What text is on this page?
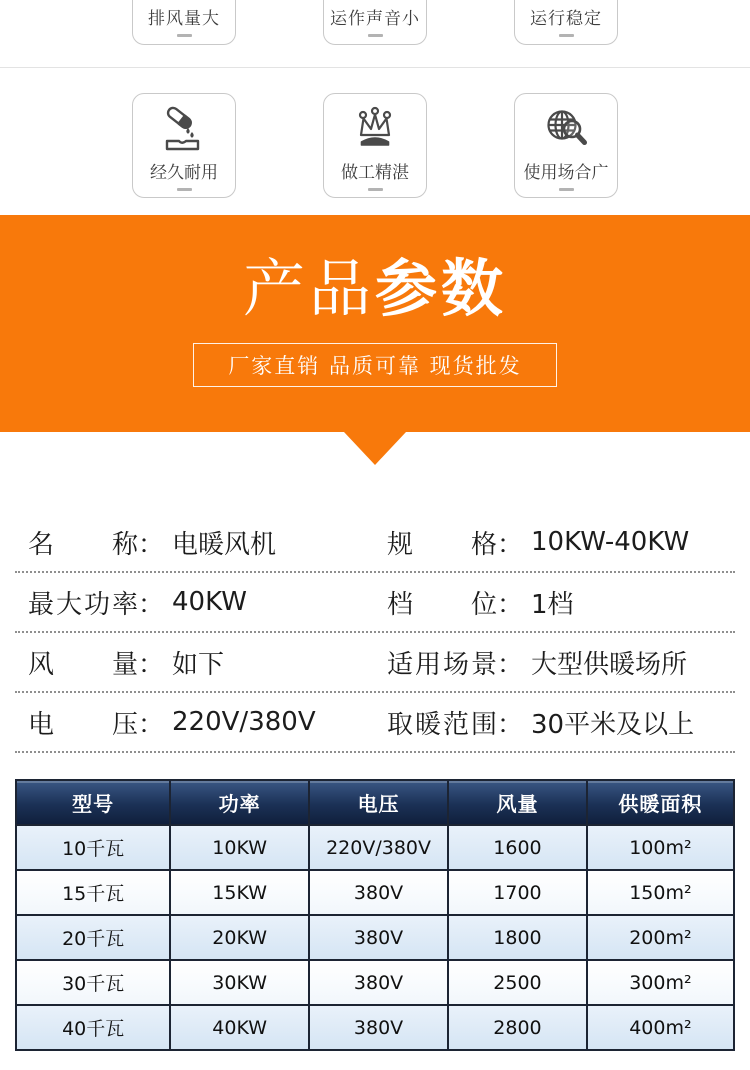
排风量大	运作声音小	运行稳定
经久耐用	做工精湛	使用场合广
产品参数
厂家直销 品质可靠 现货批发
名称 ： 电暖风机	规格 ： 10KW-40KW
最大功率 ： 40KW	档位 ： 1档
风量 ： 如下	适用场景 ： 大型供暖场所
电压 ： 220V/380V	取暖范围 ： 30平米及以上
型号	功率	电压	风量	供暖面积
10千瓦	10KW	220V/380V	1600	100m²
15千瓦	15KW	380V	1700	150m²
20千瓦	20KW	380V	1800	200m²
30千瓦	30KW	380V	2500	300m²
40千瓦	40KW	380V	2800	400m²
